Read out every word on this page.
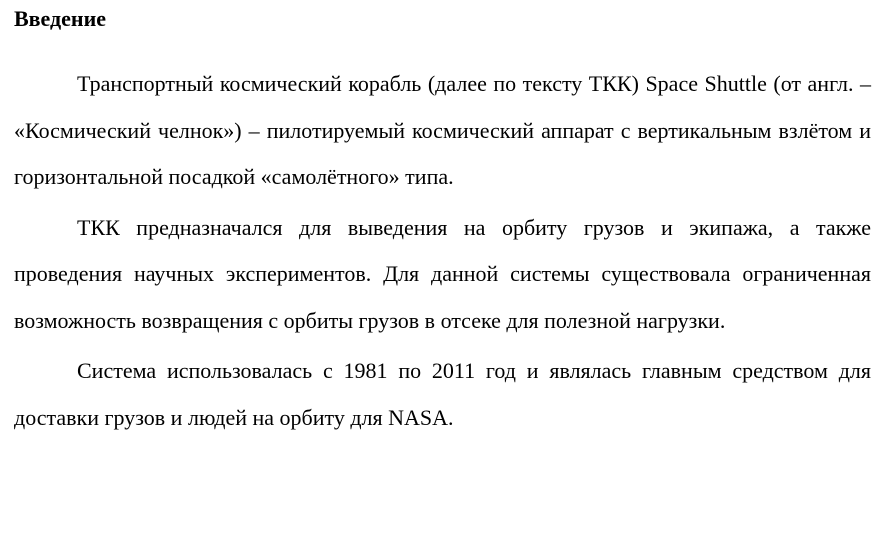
Введение

Транспортный космический корабль (далее по тексту ТКК) Space Shuttle (от англ. – «Космический челнок») – пилотируемый космический аппарат с вертикальным взлётом и горизонтальной посадкой «самолётного» типа.

ТКК предназначался для выведения на орбиту грузов и экипажа, а также проведения научных экспериментов. Для данной системы существовала ограниченная возможность возвращения с орбиты грузов в отсеке для полезной нагрузки.

Система использовалась с 1981 по 2011 год и являлась главным средством для доставки грузов и людей на орбиту для NASA.
